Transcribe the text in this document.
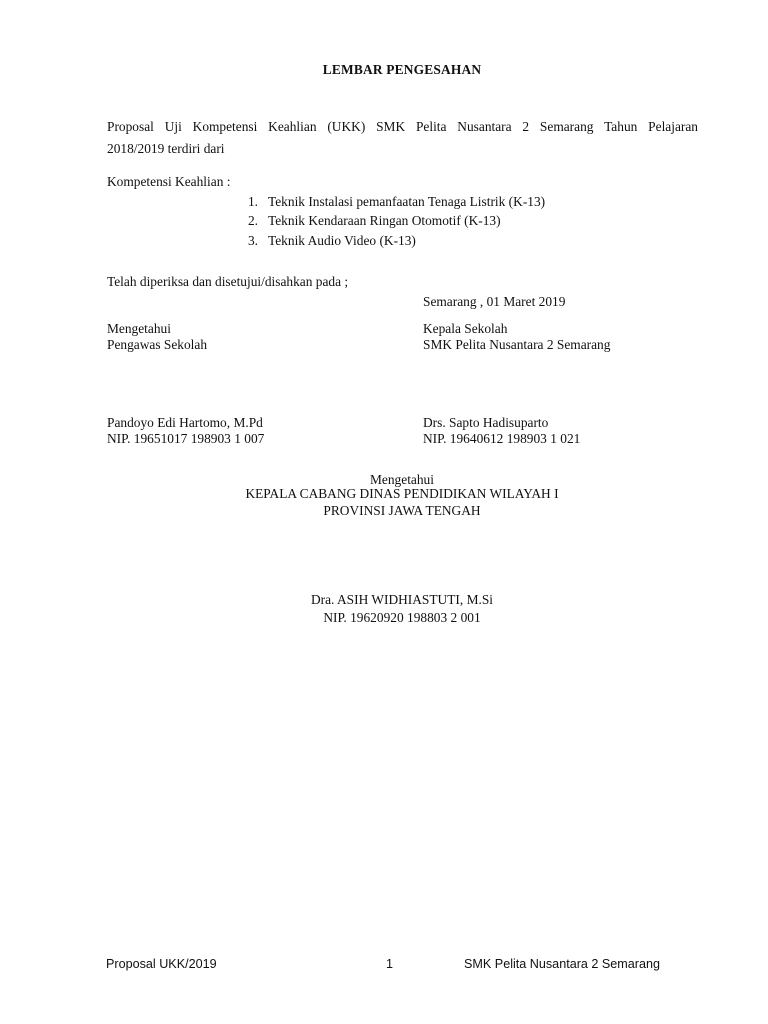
LEMBAR PENGESAHAN
Proposal Uji Kompetensi Keahlian (UKK) SMK Pelita Nusantara 2 Semarang Tahun Pelajaran
2018/2019 terdiri dari
Kompetensi Keahlian :
1. Teknik Instalasi pemanfaatan Tenaga Listrik (K-13)
2. Teknik Kendaraan Ringan Otomotif (K-13)
3. Teknik Audio Video (K-13)
Telah diperiksa dan disetujui/disahkan pada ;
Semarang , 01 Maret 2019
Mengetahui
Pengawas Sekolah
Pandoyo Edi Hartomo, M.Pd
NIP. 19651017 198903 1 007
Kepala Sekolah
SMK Pelita Nusantara 2 Semarang
Drs. Sapto Hadisuparto
NIP. 19640612 198903 1 021
Mengetahui
KEPALA CABANG DINAS PENDIDIKAN WILAYAH I
PROVINSI JAWA TENGAH
Dra. ASIH WIDHIASTUTI, M.Si
NIP. 19620920 198803 2 001
Proposal UKK/2019	1	SMK Pelita Nusantara 2 Semarang
